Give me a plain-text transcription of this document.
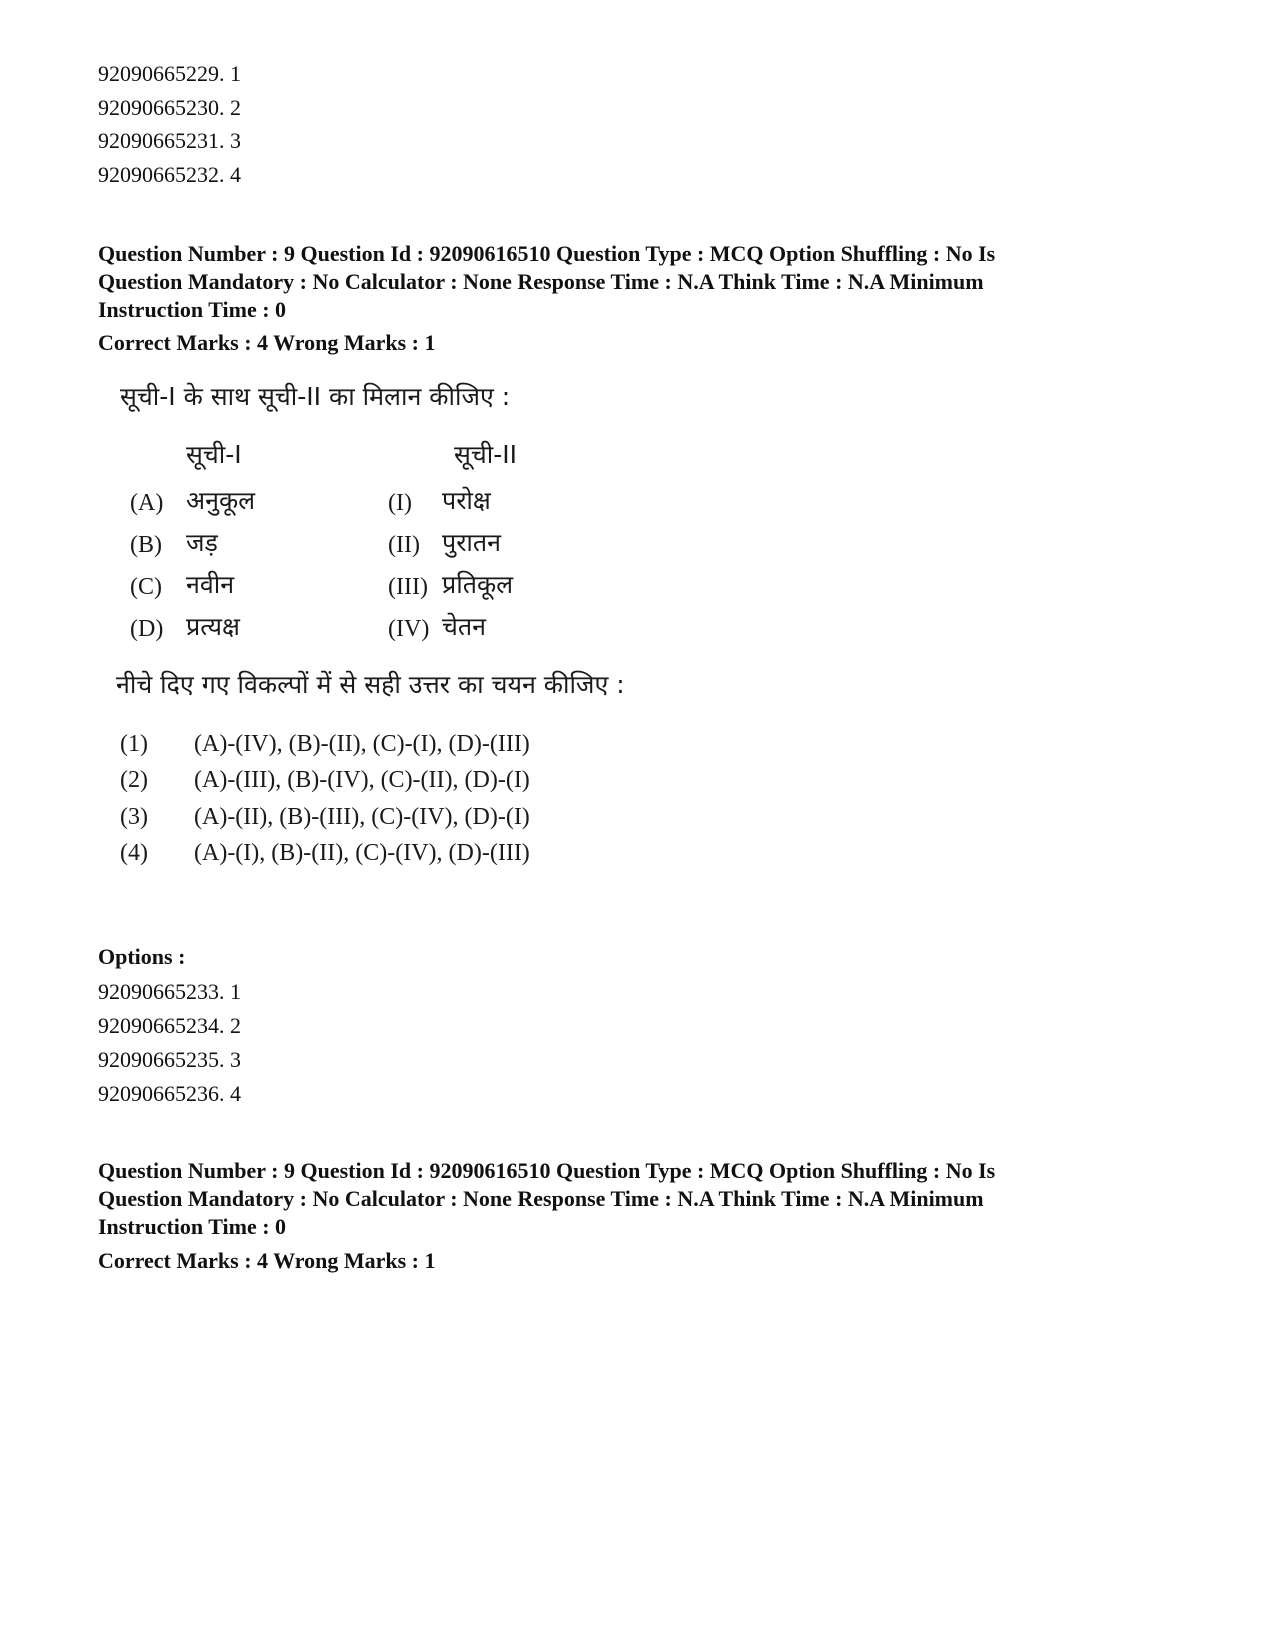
92090665229. 1
92090665230. 2
92090665231. 3
92090665232. 4
Question Number : 9 Question Id : 92090616510 Question Type : MCQ Option Shuffling : No Is
Question Mandatory : No Calculator : None Response Time : N.A Think Time : N.A Minimum
Instruction Time : 0
Correct Marks : 4 Wrong Marks : 1
सूची-I के साथ सूची-II का मिलान कीजिए :
सूची-I	सूची-II
(A) अनुकूल	(I) परोक्ष
(B) जड़	(II) पुरातन
(C) नवीन	(III) प्रतिकूल
(D) प्रत्यक्ष	(IV) चेतन
नीचे दिए गए विकल्पों में से सही उत्तर का चयन कीजिए :
(1) (A)-(IV), (B)-(II), (C)-(I), (D)-(III)
(2) (A)-(III), (B)-(IV), (C)-(II), (D)-(I)
(3) (A)-(II), (B)-(III), (C)-(IV), (D)-(I)
(4) (A)-(I), (B)-(II), (C)-(IV), (D)-(III)
Options :
92090665233. 1
92090665234. 2
92090665235. 3
92090665236. 4
Question Number : 9 Question Id : 92090616510 Question Type : MCQ Option Shuffling : No Is
Question Mandatory : No Calculator : None Response Time : N.A Think Time : N.A Minimum
Instruction Time : 0
Correct Marks : 4 Wrong Marks : 1
